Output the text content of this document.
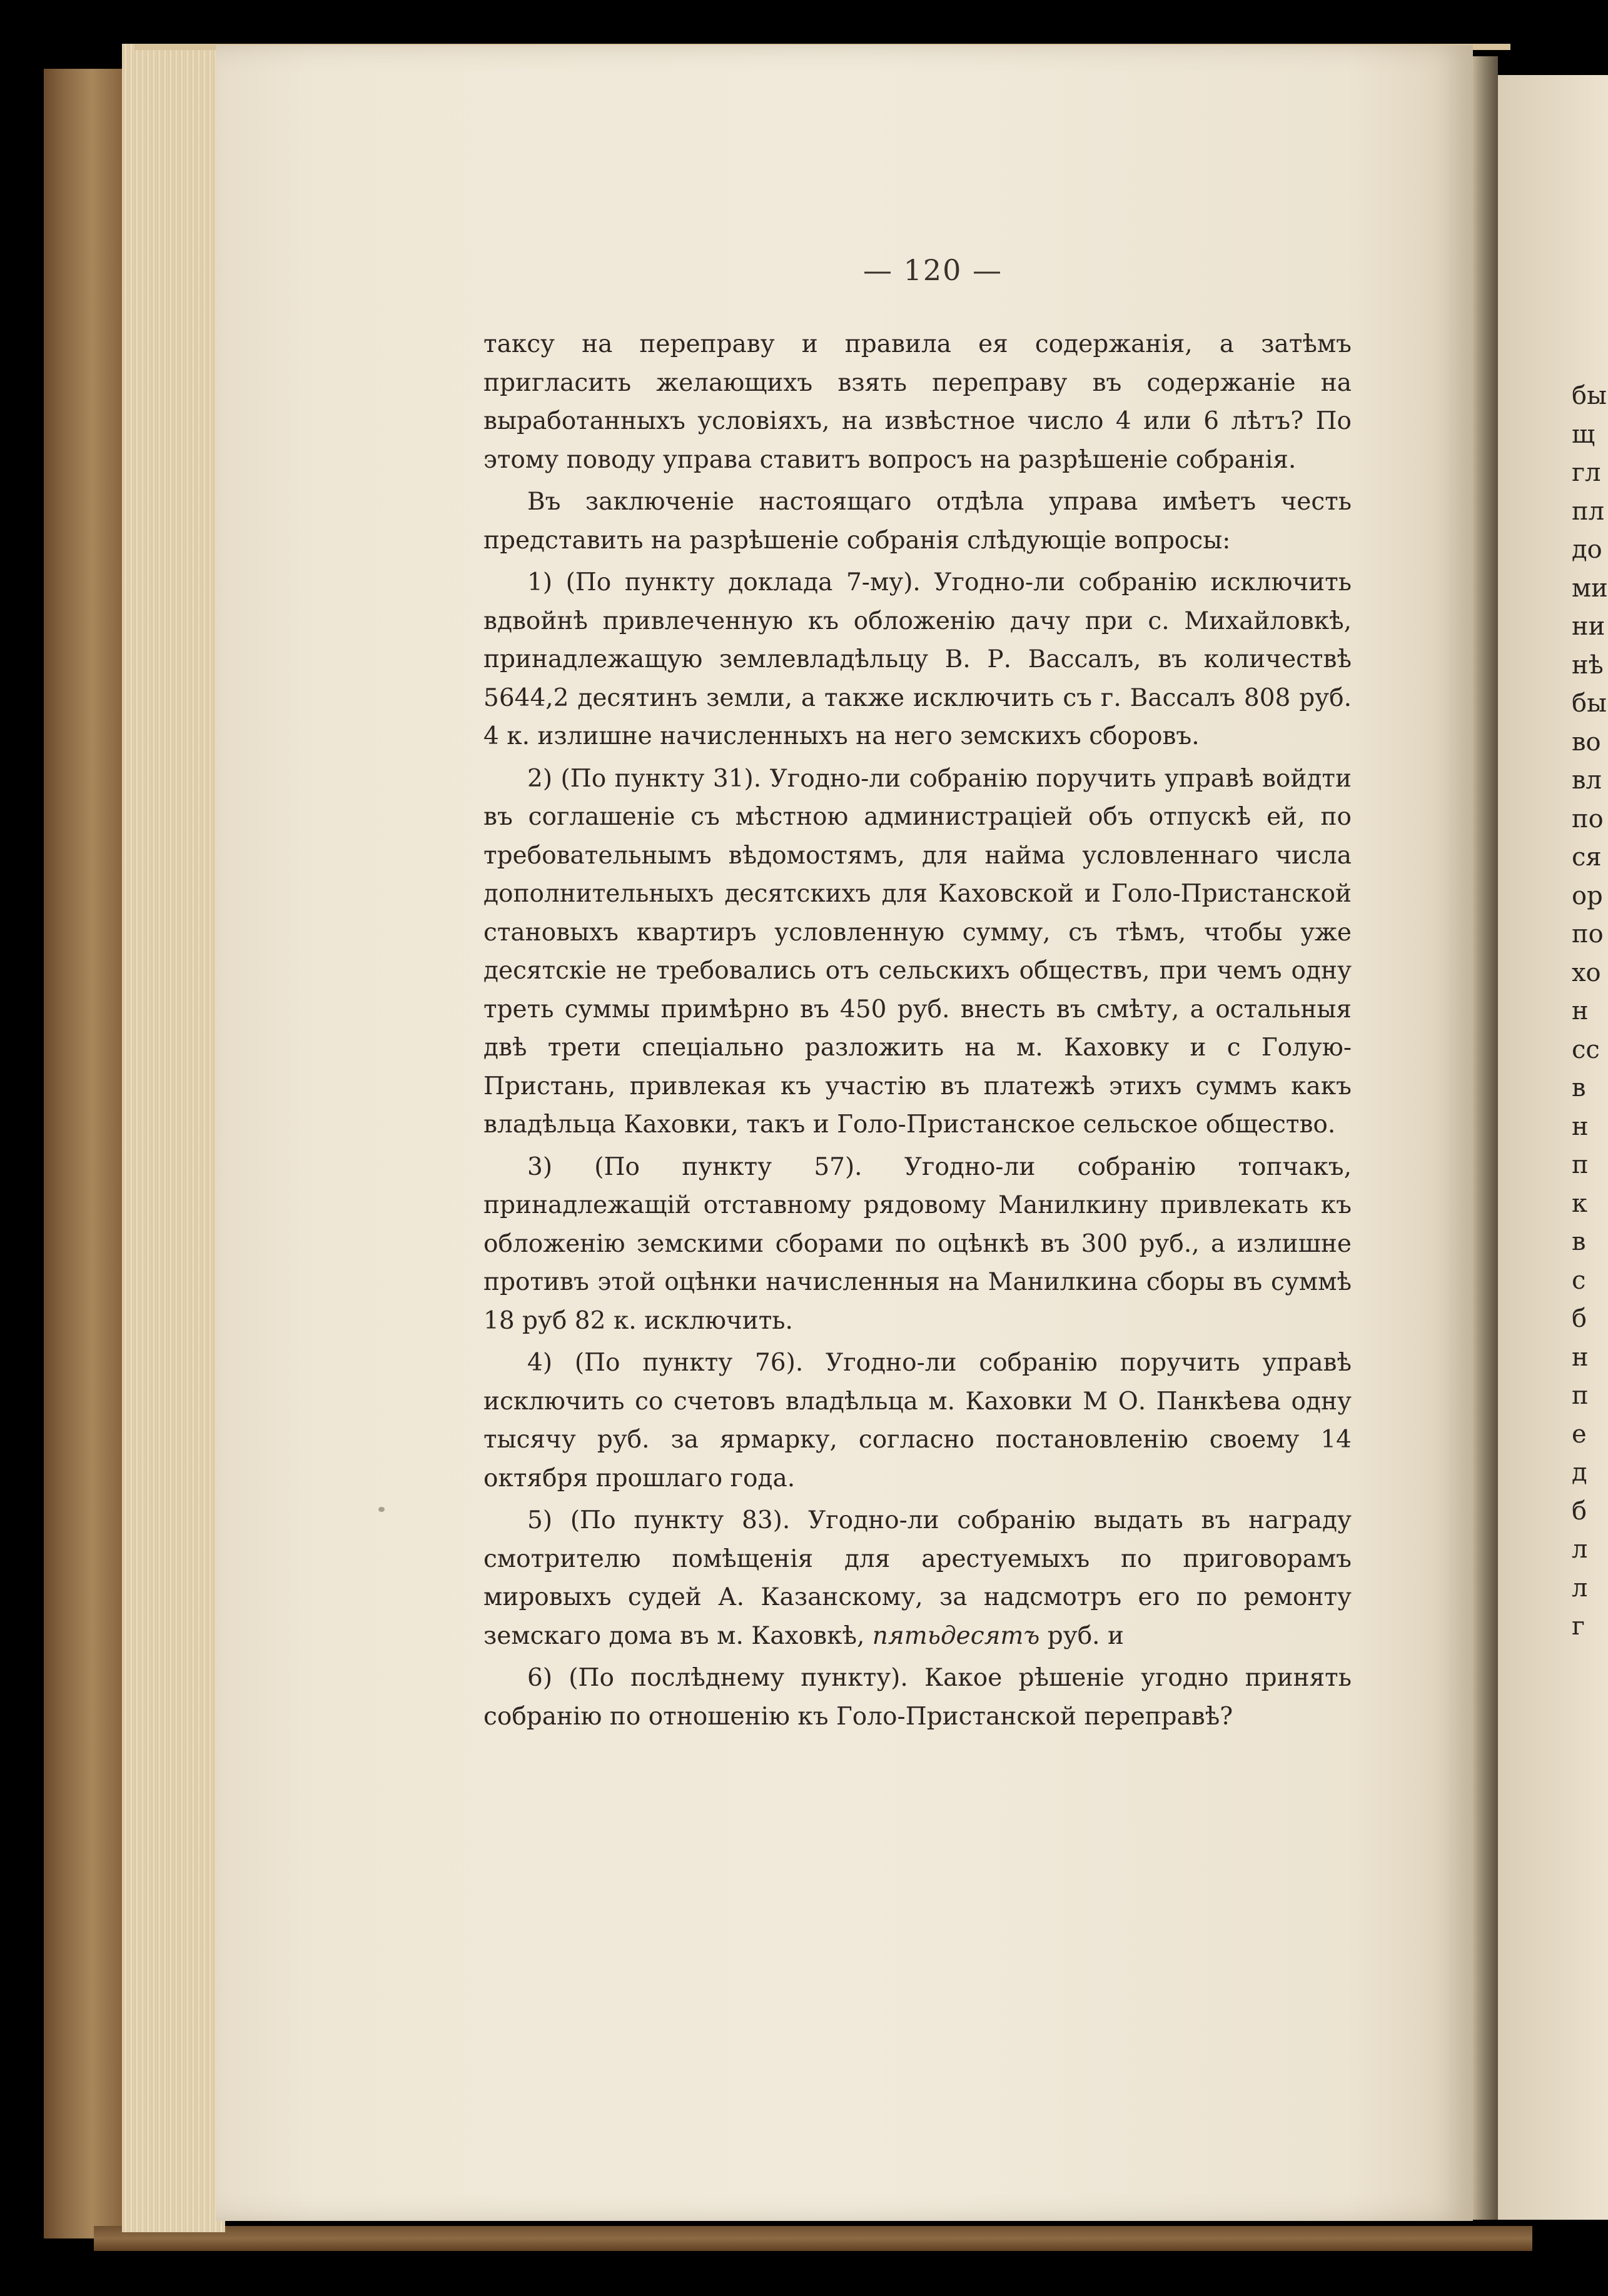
— 120 —

таксу на переправу и правила ея содержанія, а затѣмъ пригласить желающихъ взять переправу въ содержаніе на выработанныхъ условіяхъ, на извѣстное число 4 или 6 лѣтъ? По этому поводу управа ставитъ вопросъ на разрѣшеніе собранія.

Въ заключеніе настоящаго отдѣла управа имѣетъ честь представить на разрѣшеніе собранія слѣдующіе вопросы:

1) (По пункту доклада 7-му). Угодно-ли собранію исключить вдвойнѣ привлеченную къ обложенію дачу при с. Михайловкѣ, принадлежащую землевладѣльцу В. Р. Вассалъ, въ количествѣ 5644,2 десятинъ земли, а также исключить съ г. Вассалъ 808 руб. 4 к. излишне начисленныхъ на него земскихъ сборовъ.

2) (По пункту 31). Угодно-ли собранію поручить управѣ войдти въ соглашеніе съ мѣстною администраціей объ отпускѣ ей, по требовательнымъ вѣдомостямъ, для найма условленнаго числа дополнительныхъ десятскихъ для Каховской и Голо-Пристанской становыхъ квартиръ условленную сумму, съ тѣмъ, чтобы уже десятскіе не требовались отъ сельскихъ обществъ, при чемъ одну треть суммы примѣрно въ 450 руб. внесть въ смѣту, а остальныя двѣ трети спеціально разложить на м. Каховку и с Голую-Пристань, привлекая къ участію въ платежѣ этихъ суммъ какъ владѣльца Каховки, такъ и Голо-Пристанское сельское общество.

3) (По пункту 57). Угодно-ли собранію топчакъ, принадлежащій отставному рядовому Манилкину привлекать къ обложенію земскими сборами по оцѣнкѣ въ 300 руб., а излишне противъ этой оцѣнки начисленныя на Манилкина сборы въ суммѣ 18 руб 82 к. исключить.

4) (По пункту 76). Угодно-ли собранію поручить управѣ исключить со счетовъ владѣльца м. Каховки М О. Панкѣева одну тысячу руб. за ярмарку, согласно постановленію своему 14 октября прошлаго года.

5) (По пункту 83). Угодно-ли собранію выдать въ награду смотрителю помѣщенія для арестуемыхъ по приговорамъ мировыхъ судей А. Казанскому, за надсмотръ его по ремонту земскаго дома въ м. Каховкѣ, пятьдесятъ руб. и

6) (По послѣднему пункту). Какое рѣшеніе угодно принять собранію по отношенію къ Голо-Пристанской переправѣ?

бы
щ
гл
пл
до
ми
ни
нѣ
бы
во
вл
по
ся
ор
по
хо
н
сс
в
н
п
к
в
с
б
н
п
е
д
б
л
л
г
